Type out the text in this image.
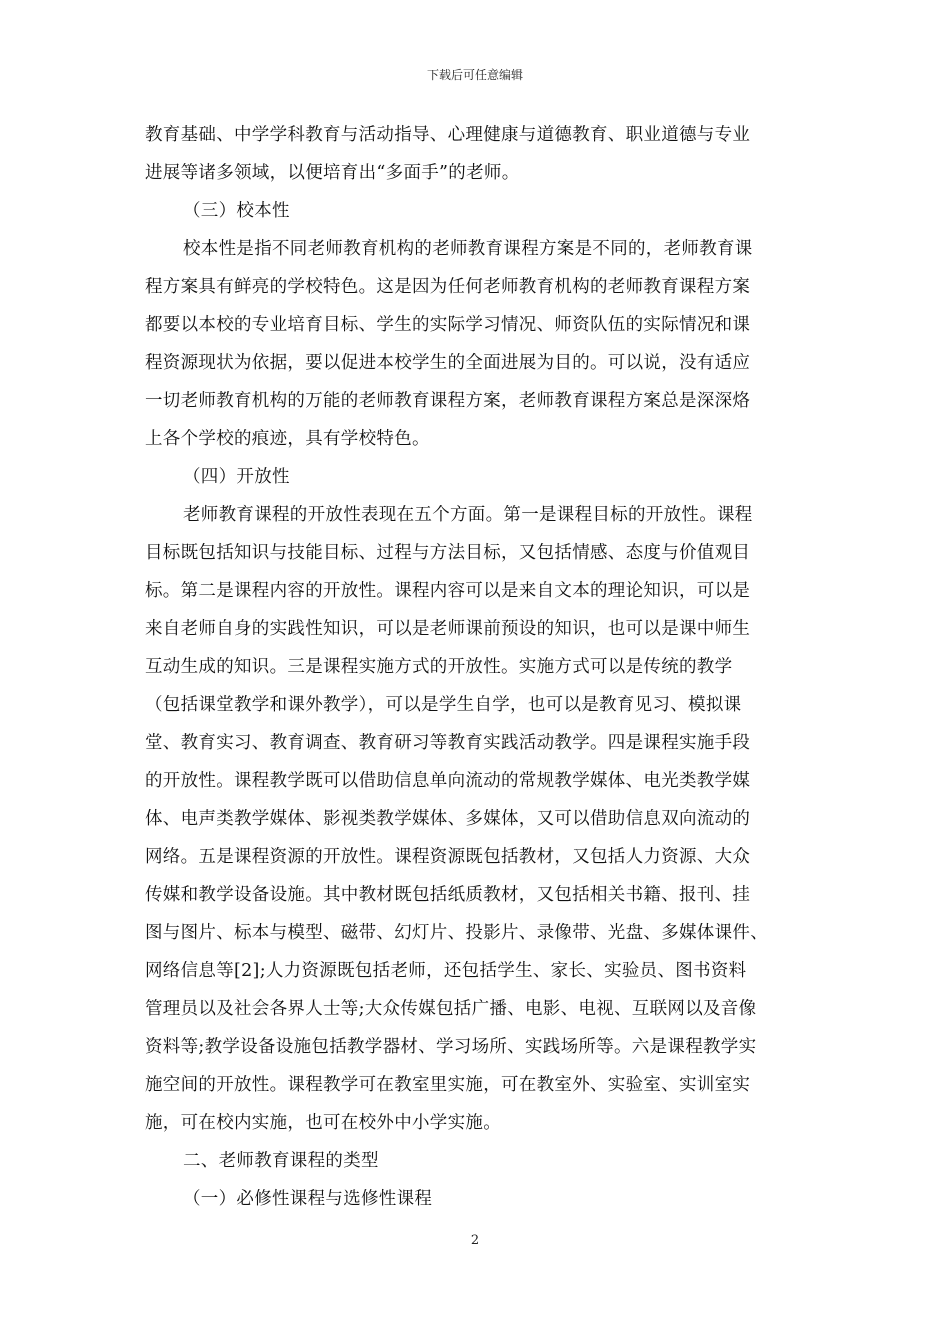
下载后可任意编辑
教育基础、中学学科教育与活动指导、心理健康与道德教育、职业道德与专业
进展等诸多领域，以便培育出“多面手”的老师。
（三）校本性
校本性是指不同老师教育机构的老师教育课程方案是不同的，老师教育课
程方案具有鲜亮的学校特色。这是因为任何老师教育机构的老师教育课程方案
都要以本校的专业培育目标、学生的实际学习情况、师资队伍的实际情况和课
程资源现状为依据，要以促进本校学生的全面进展为目的。可以说，没有适应
一切老师教育机构的万能的老师教育课程方案，老师教育课程方案总是深深烙
上各个学校的痕迹，具有学校特色。
（四）开放性
老师教育课程的开放性表现在五个方面。第一是课程目标的开放性。课程
目标既包括知识与技能目标、过程与方法目标，又包括情感、态度与价值观目
标。第二是课程内容的开放性。课程内容可以是来自文本的理论知识，可以是
来自老师自身的实践性知识，可以是老师课前预设的知识，也可以是课中师生
互动生成的知识。三是课程实施方式的开放性。实施方式可以是传统的教学
（包括课堂教学和课外教学），可以是学生自学，也可以是教育见习、模拟课
堂、教育实习、教育调查、教育研习等教育实践活动教学。四是课程实施手段
的开放性。课程教学既可以借助信息单向流动的常规教学媒体、电光类教学媒
体、电声类教学媒体、影视类教学媒体、多媒体，又可以借助信息双向流动的
网络。五是课程资源的开放性。课程资源既包括教材，又包括人力资源、大众
传媒和教学设备设施。其中教材既包括纸质教材，又包括相关书籍、报刊、挂
图与图片、标本与模型、磁带、幻灯片、投影片、录像带、光盘、多媒体课件、
网络信息等[2];人力资源既包括老师，还包括学生、家长、实验员、图书资料
管理员以及社会各界人士等;大众传媒包括广播、电影、电视、互联网以及音像
资料等;教学设备设施包括教学器材、学习场所、实践场所等。六是课程教学实
施空间的开放性。课程教学可在教室里实施，可在教室外、实验室、实训室实
施，可在校内实施，也可在校外中小学实施。
二、老师教育课程的类型
（一）必修性课程与选修性课程
2
